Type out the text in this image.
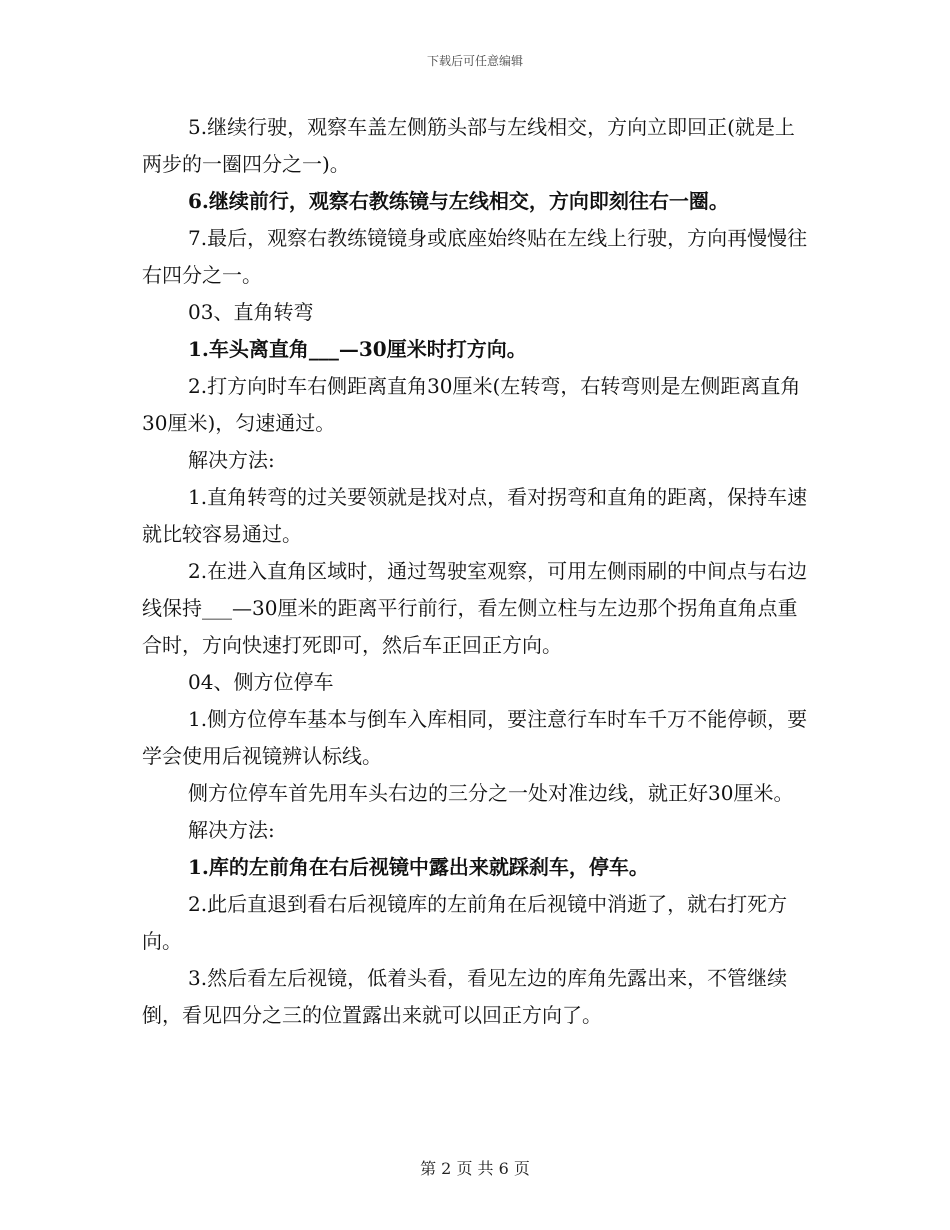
下载后可任意编辑

5.继续行驶，观察车盖左侧筋头部与左线相交，方向立即回正(就是上两步的一圈四分之一)。

6.继续前行，观察右教练镜与左线相交，方向即刻往右一圈。

7.最后，观察右教练镜镜身或底座始终贴在左线上行驶，方向再慢慢往右四分之一。

03、直角转弯

1.车头离直角___—30厘米时打方向。

2.打方向时车右侧距离直角30厘米(左转弯，右转弯则是左侧距离直角30厘米)，匀速通过。

解决方法:

1.直角转弯的过关要领就是找对点，看对拐弯和直角的距离，保持车速就比较容易通过。

2.在进入直角区域时，通过驾驶室观察，可用左侧雨刷的中间点与右边线保持___—30厘米的距离平行前行，看左侧立柱与左边那个拐角直角点重合时，方向快速打死即可，然后车正回正方向。

04、侧方位停车

1.侧方位停车基本与倒车入库相同，要注意行车时车千万不能停顿，要学会使用后视镜辨认标线。

侧方位停车首先用车头右边的三分之一处对准边线，就正好30厘米。

解决方法:

1.库的左前角在右后视镜中露出来就踩刹车，停车。

2.此后直退到看右后视镜库的左前角在后视镜中消逝了，就右打死方向。

3.然后看左后视镜，低着头看，看见左边的库角先露出来，不管继续倒，看见四分之三的位置露出来就可以回正方向了。

第 2 页 共 6 页
